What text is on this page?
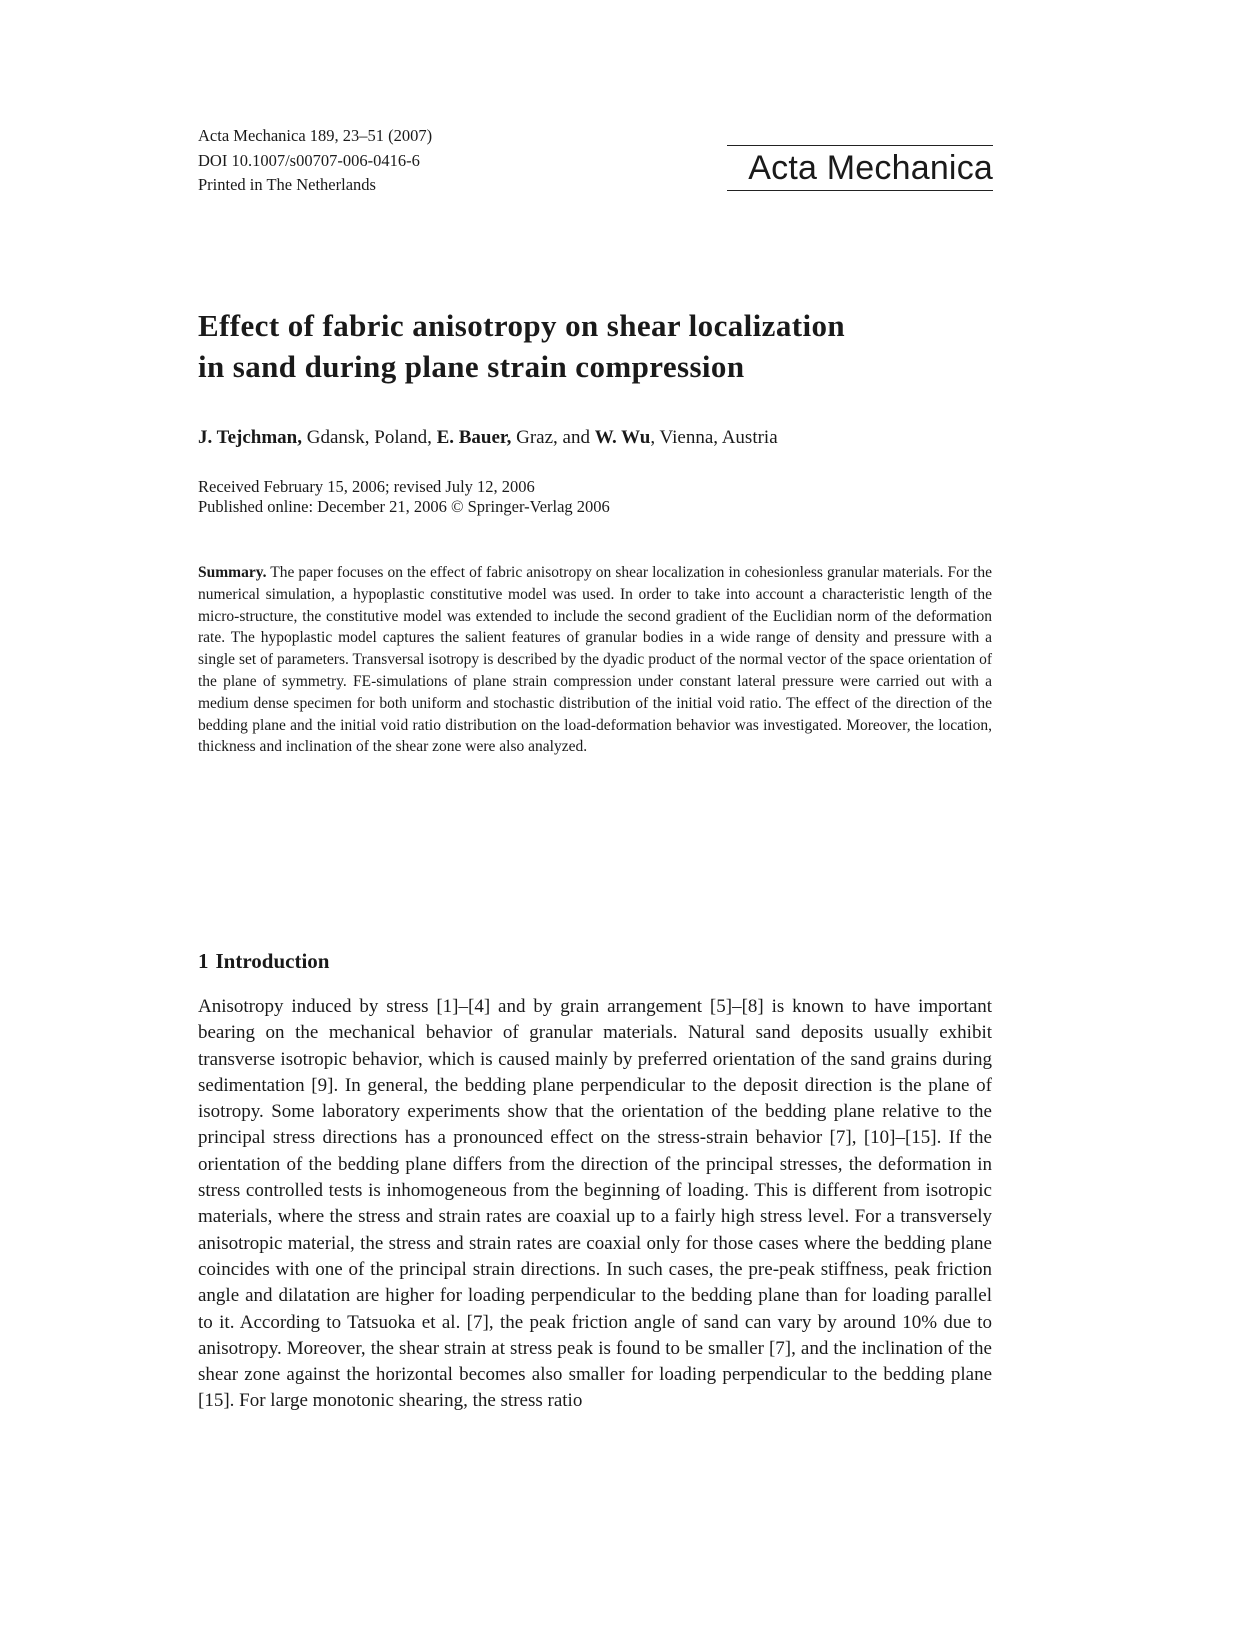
Acta Mechanica 189, 23–51 (2007)
DOI 10.1007/s00707-006-0416-6
Printed in The Netherlands	Acta Mechanica
Effect of fabric anisotropy on shear localization
in sand during plane strain compression
J. Tejchman, Gdansk, Poland, E. Bauer, Graz, and W. Wu, Vienna, Austria
Received February 15, 2006; revised July 12, 2006
Published online: December 21, 2006 © Springer-Verlag 2006

Summary. The paper focuses on the effect of fabric anisotropy on shear localization in cohesionless granular materials. For the numerical simulation, a hypoplastic constitutive model was used. In order to take into account a characteristic length of the micro-structure, the constitutive model was extended to include the second gradient of the Euclidian norm of the deformation rate. The hypoplastic model captures the salient features of granular bodies in a wide range of density and pressure with a single set of parameters. Transversal isotropy is described by the dyadic product of the normal vector of the space orientation of the plane of symmetry. FE-simulations of plane strain compression under constant lateral pressure were carried out with a medium dense specimen for both uniform and stochastic distribution of the initial void ratio. The effect of the direction of the bedding plane and the initial void ratio distribution on the load-deformation behavior was investigated. Moreover, the location, thickness and inclination of the shear zone were also analyzed.

1 Introduction

Anisotropy induced by stress [1]–[4] and by grain arrangement [5]–[8] is known to have important bearing on the mechanical behavior of granular materials. Natural sand deposits usually exhibit transverse isotropic behavior, which is caused mainly by preferred orientation of the sand grains during sedimentation [9]. In general, the bedding plane perpendicular to the deposit direction is the plane of isotropy. Some laboratory experiments show that the orientation of the bedding plane relative to the principal stress directions has a pronounced effect on the stress-strain behavior [7], [10]–[15]. If the orientation of the bedding plane differs from the direction of the principal stresses, the deformation in stress controlled tests is inhomogeneous from the beginning of loading. This is different from isotropic materials, where the stress and strain rates are coaxial up to a fairly high stress level. For a transversely anisotropic material, the stress and strain rates are coaxial only for those cases where the bedding plane coincides with one of the principal strain directions. In such cases, the pre-peak stiffness, peak friction angle and dilatation are higher for loading perpendicular to the bedding plane than for loading parallel to it. According to Tatsuoka et al. [7], the peak friction angle of sand can vary by around 10% due to anisotropy. Moreover, the shear strain at stress peak is found to be smaller [7], and the inclination of the shear zone against the horizontal becomes also smaller for loading perpendicular to the bedding plane [15]. For large monotonic shearing, the stress ratio
